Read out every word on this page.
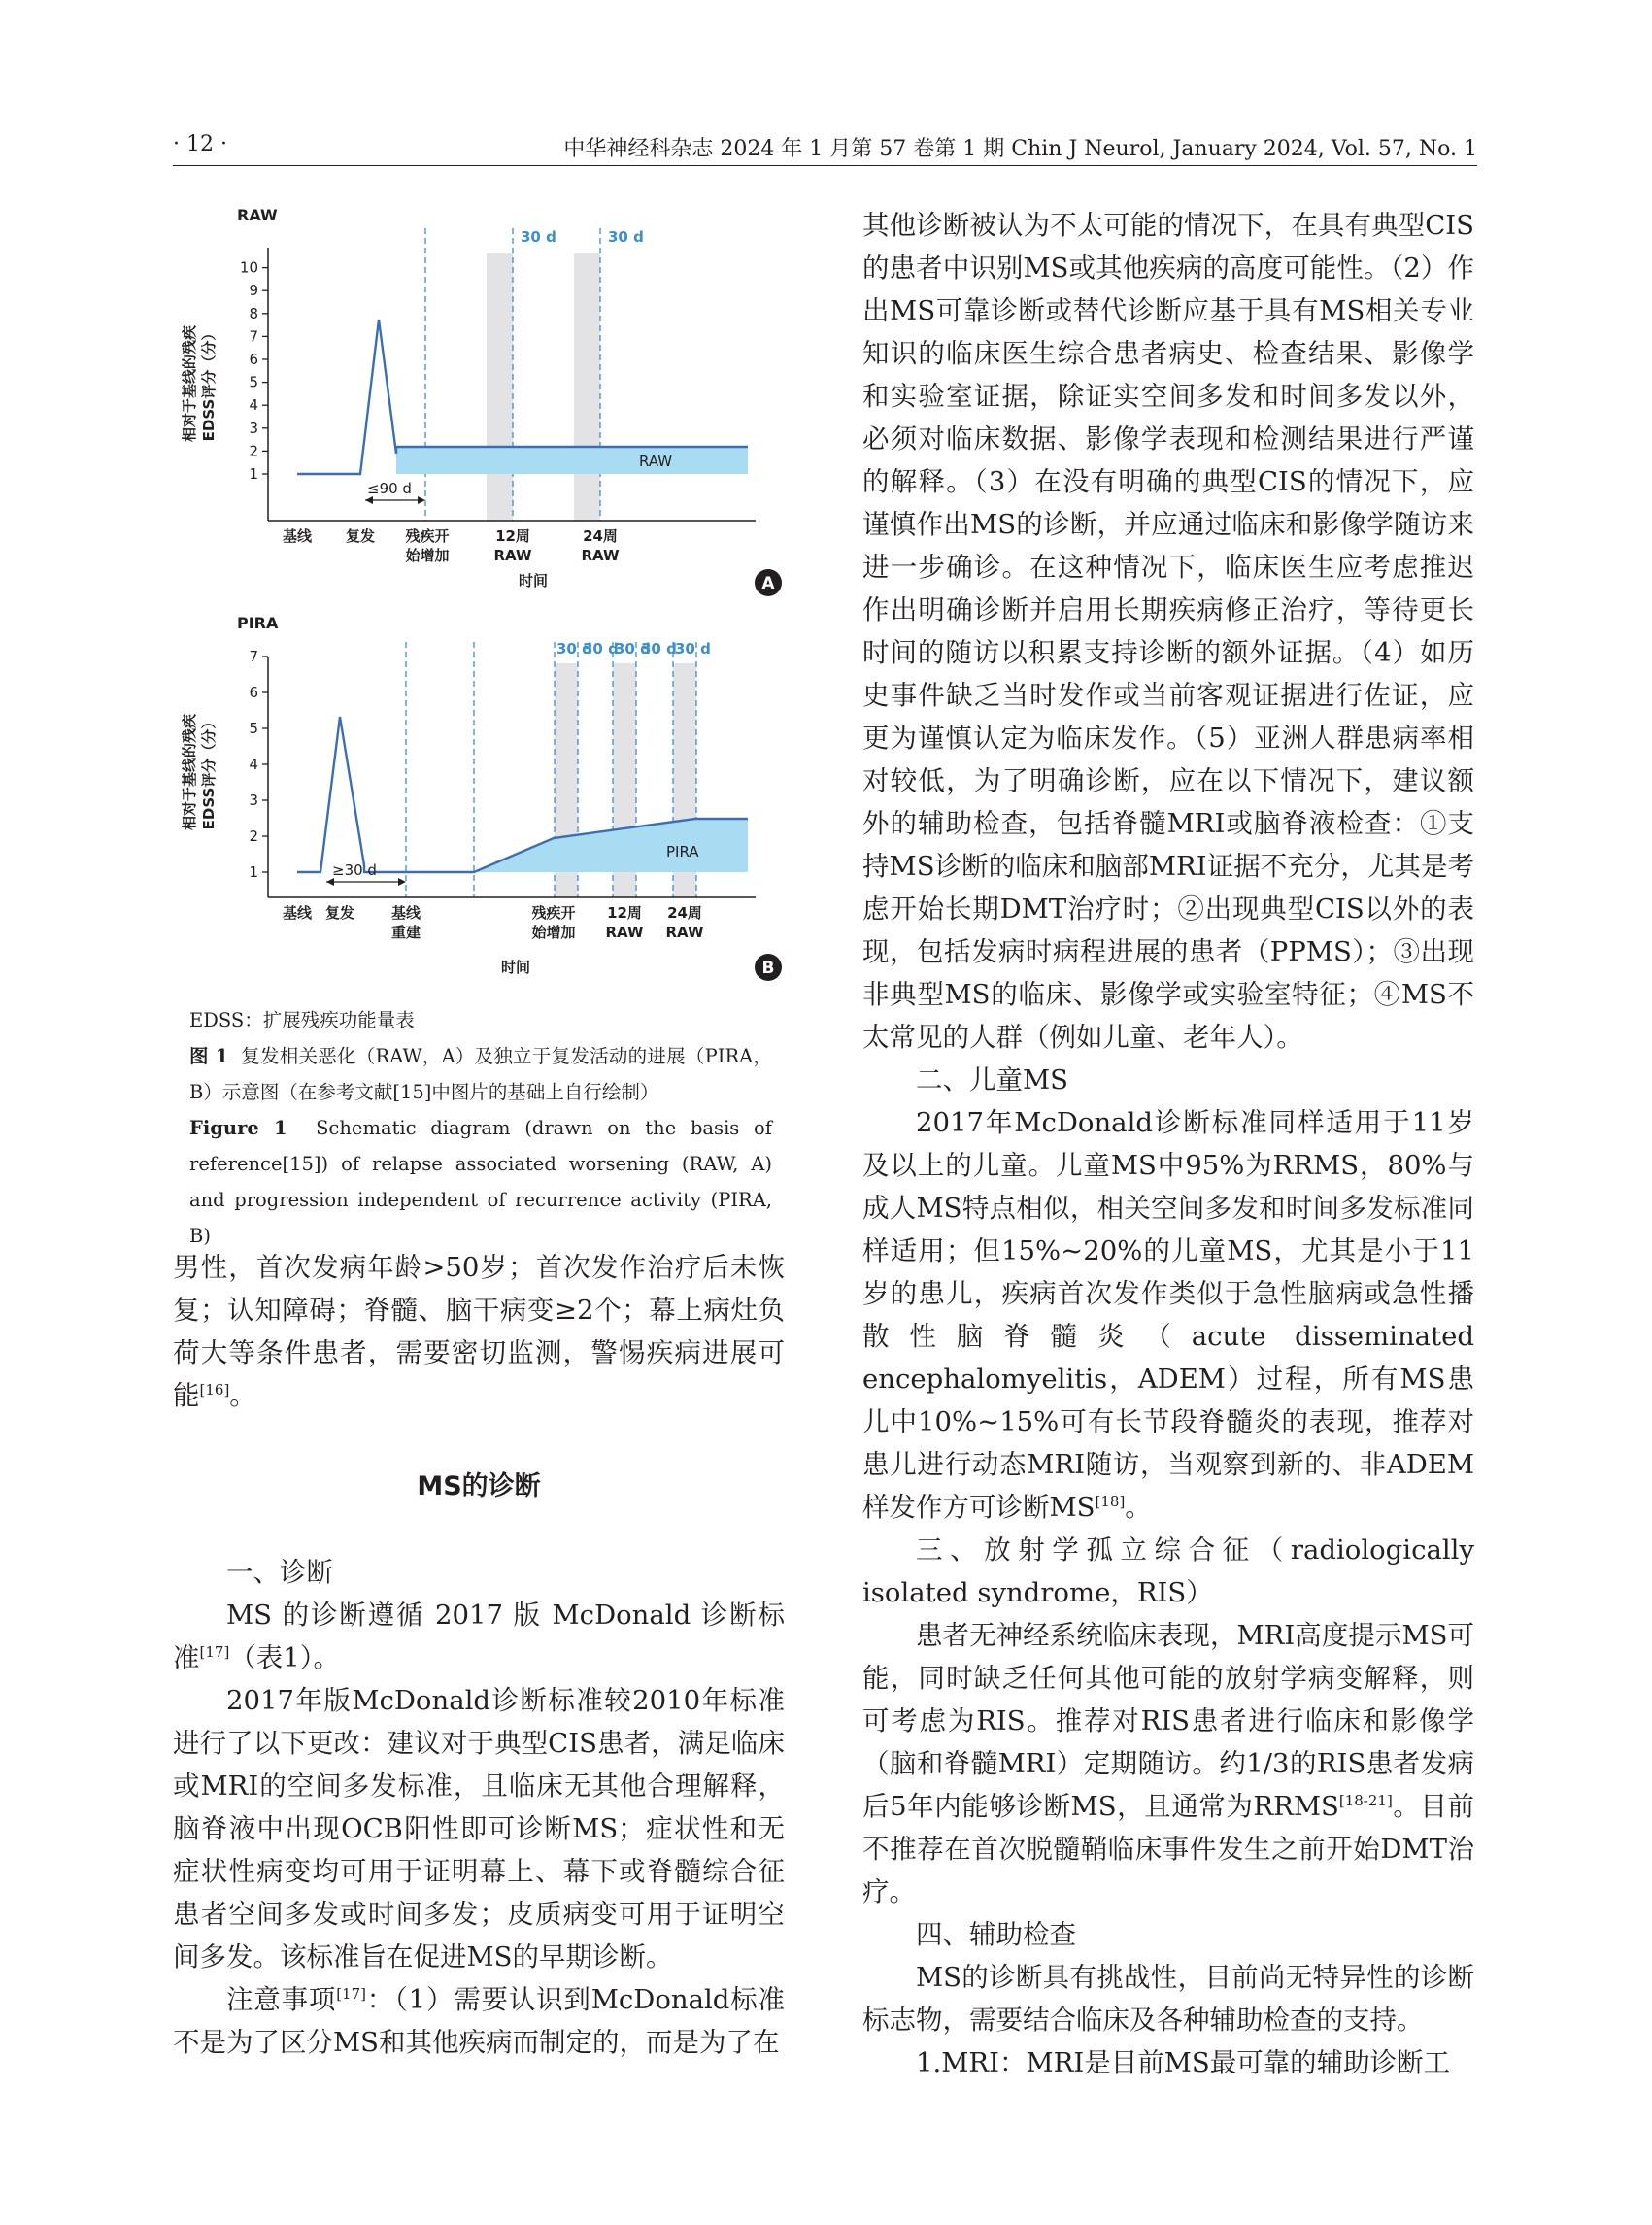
· 12 ·	中华神经科杂志 2024 年 1 月第 57 卷第 1 期 Chin J Neurol, January 2024, Vol. 57, No. 1
RAW
30 d	30 d
RAW
1
2
3
4
5
6
7
8
9
10
相对于基线的残疾 EDSS评分（分）
≤90 d
基线 复发 残疾开
始增加
12周
RAW
24周
RAW
时间	A
PIRA
30 d
30 d
30 d
30 d
30 d
PIRA
1
2
3
4
5
6
7
相对于基线的残疾 EDSS评分（分）
≥30 d
基线 复发	基线
重建
残疾开
始增加
12周
RAW
24周
RAW
时间	B

EDSS：扩展残疾功能量表

图 1 复发相关恶化（RAW，A）及独立于复发活动的进展（PIRA，B）示意图（在参考文献[15]中图片的基础上自行绘制）

Figure 1 Schematic diagram (drawn on the basis of reference[15]) of relapse associated worsening (RAW, A) and progression independent of recurrence activity (PIRA, B)

男性，首次发病年龄>50岁；首次发作治疗后未恢复；认知障碍；脊髓、脑干病变≥2个；幕上病灶负荷大等条件患者，需要密切监测，警惕疾病进展可能[16]。

MS的诊断

一、诊断

MS 的诊断遵循 2017 版 McDonald 诊断标准[17]（表1）。

2017年版McDonald诊断标准较2010年标准进行了以下更改：建议对于典型CIS患者，满足临床或MRI的空间多发标准，且临床无其他合理解释，脑脊液中出现OCB阳性即可诊断MS；症状性和无症状性病变均可用于证明幕上、幕下或脊髓综合征患者空间多发或时间多发；皮质病变可用于证明空间多发。该标准旨在促进MS的早期诊断。

注意事项[17]：（1）需要认识到McDonald标准不是为了区分MS和其他疾病而制定的，而是为了在

其他诊断被认为不太可能的情况下，在具有典型CIS的患者中识别MS或其他疾病的高度可能性。（2）作出MS可靠诊断或替代诊断应基于具有MS相关专业知识的临床医生综合患者病史、检查结果、影像学和实验室证据，除证实空间多发和时间多发以外，必须对临床数据、影像学表现和检测结果进行严谨的解释。（3）在没有明确的典型CIS的情况下，应谨慎作出MS的诊断，并应通过临床和影像学随访来进一步确诊。在这种情况下，临床医生应考虑推迟作出明确诊断并启用长期疾病修正治疗，等待更长时间的随访以积累支持诊断的额外证据。（4）如历史事件缺乏当时发作或当前客观证据进行佐证，应更为谨慎认定为临床发作。（5）亚洲人群患病率相对较低，为了明确诊断，应在以下情况下，建议额外的辅助检查，包括脊髓MRI或脑脊液检查：①支持MS诊断的临床和脑部MRI证据不充分，尤其是考虑开始长期DMT治疗时；②出现典型CIS以外的表现，包括发病时病程进展的患者（PPMS）；③出现非典型MS的临床、影像学或实验室特征；④MS不太常见的人群（例如儿童、老年人）。

二、儿童MS

2017年McDonald诊断标准同样适用于11岁及以上的儿童。儿童MS中95%为RRMS，80%与成人MS特点相似，相关空间多发和时间多发标准同样适用；但15%~20%的儿童MS，尤其是小于11岁的患儿，疾病首次发作类似于急性脑病或急性播散性脑脊髓炎（acute disseminated encephalomyelitis，ADEM）过程，所有MS患儿中10%~15%可有长节段脊髓炎的表现，推荐对患儿进行动态MRI随访，当观察到新的、非ADEM样发作方可诊断MS[18]。

三、放射学孤立综合征（radiologically isolated syndrome，RIS）

患者无神经系统临床表现，MRI高度提示MS可能，同时缺乏任何其他可能的放射学病变解释，则可考虑为RIS。推荐对RIS患者进行临床和影像学（脑和脊髓MRI）定期随访。约1/3的RIS患者发病后5年内能够诊断MS，且通常为RRMS[18-21]。目前不推荐在首次脱髓鞘临床事件发生之前开始DMT治疗。

四、辅助检查

MS的诊断具有挑战性，目前尚无特异性的诊断标志物，需要结合临床及各种辅助检查的支持。

1.MRI：MRI是目前MS最可靠的辅助诊断工
